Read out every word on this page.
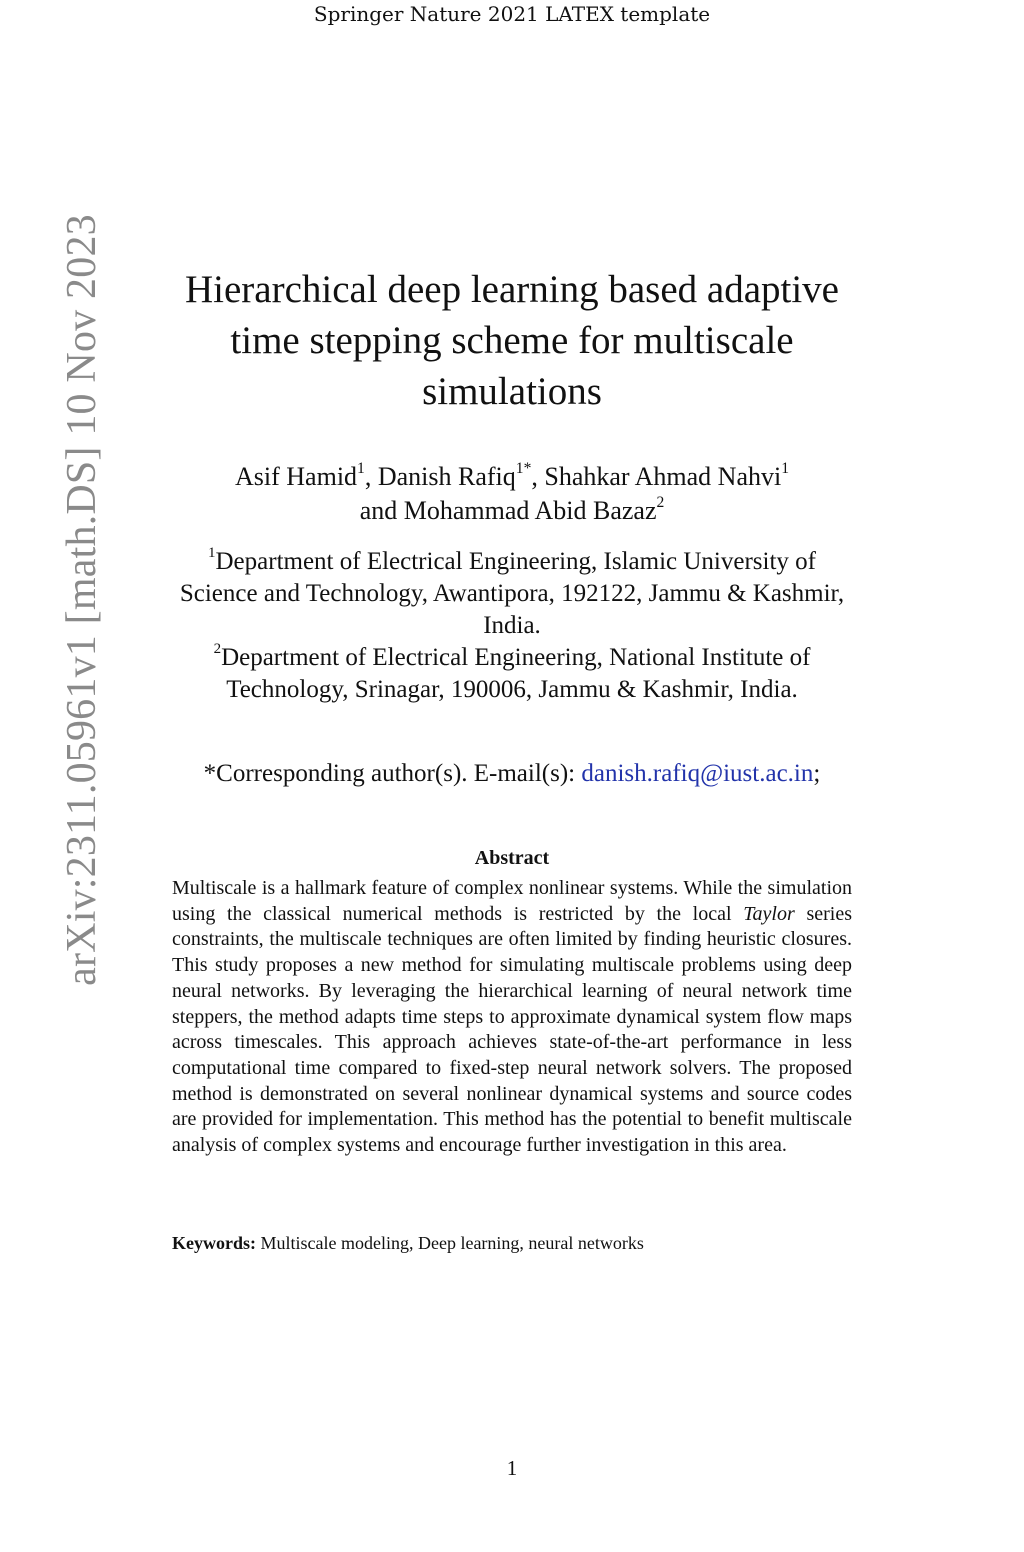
Springer Nature 2021 LATEX template
arXiv:2311.05961v1 [math.DS] 10 Nov 2023	Hierarchical deep learning based adaptive time stepping scheme for multiscale simulations
Asif Hamid$^1$, Danish Rafiq$^{1*}$, Shahkar Ahmad Nahvi$^1$
and Mohammad Abid Bazaz$^2$

$^1$Department of Electrical Engineering, Islamic University of Science and Technology, Awantipora, 192122, Jammu & Kashmir, India.

$^2$Department of Electrical Engineering, National Institute of Technology, Srinagar, 190006, Jammu & Kashmir, India.

*Corresponding author(s). E-mail(s): danish.rafiq@iust.ac.in;
Abstract

Multiscale is a hallmark feature of complex nonlinear systems. While the simulation using the classical numerical methods is restricted by the local Taylor series constraints, the multiscale techniques are often limited by finding heuristic closures. This study proposes a new method for simulating multiscale problems using deep neural networks. By leveraging the hierarchical learning of neural network time steppers, the method adapts time steps to approximate dynamical system flow maps across timescales. This approach achieves state-of-the-art performance in less computational time compared to fixed-step neural network solvers. The proposed method is demonstrated on several nonlinear dynamical systems and source codes are provided for implementation. This method has the potential to benefit multiscale analysis of complex systems and encourage further investigation in this area.

Keywords: Multiscale modeling, Deep learning, neural networks
1
